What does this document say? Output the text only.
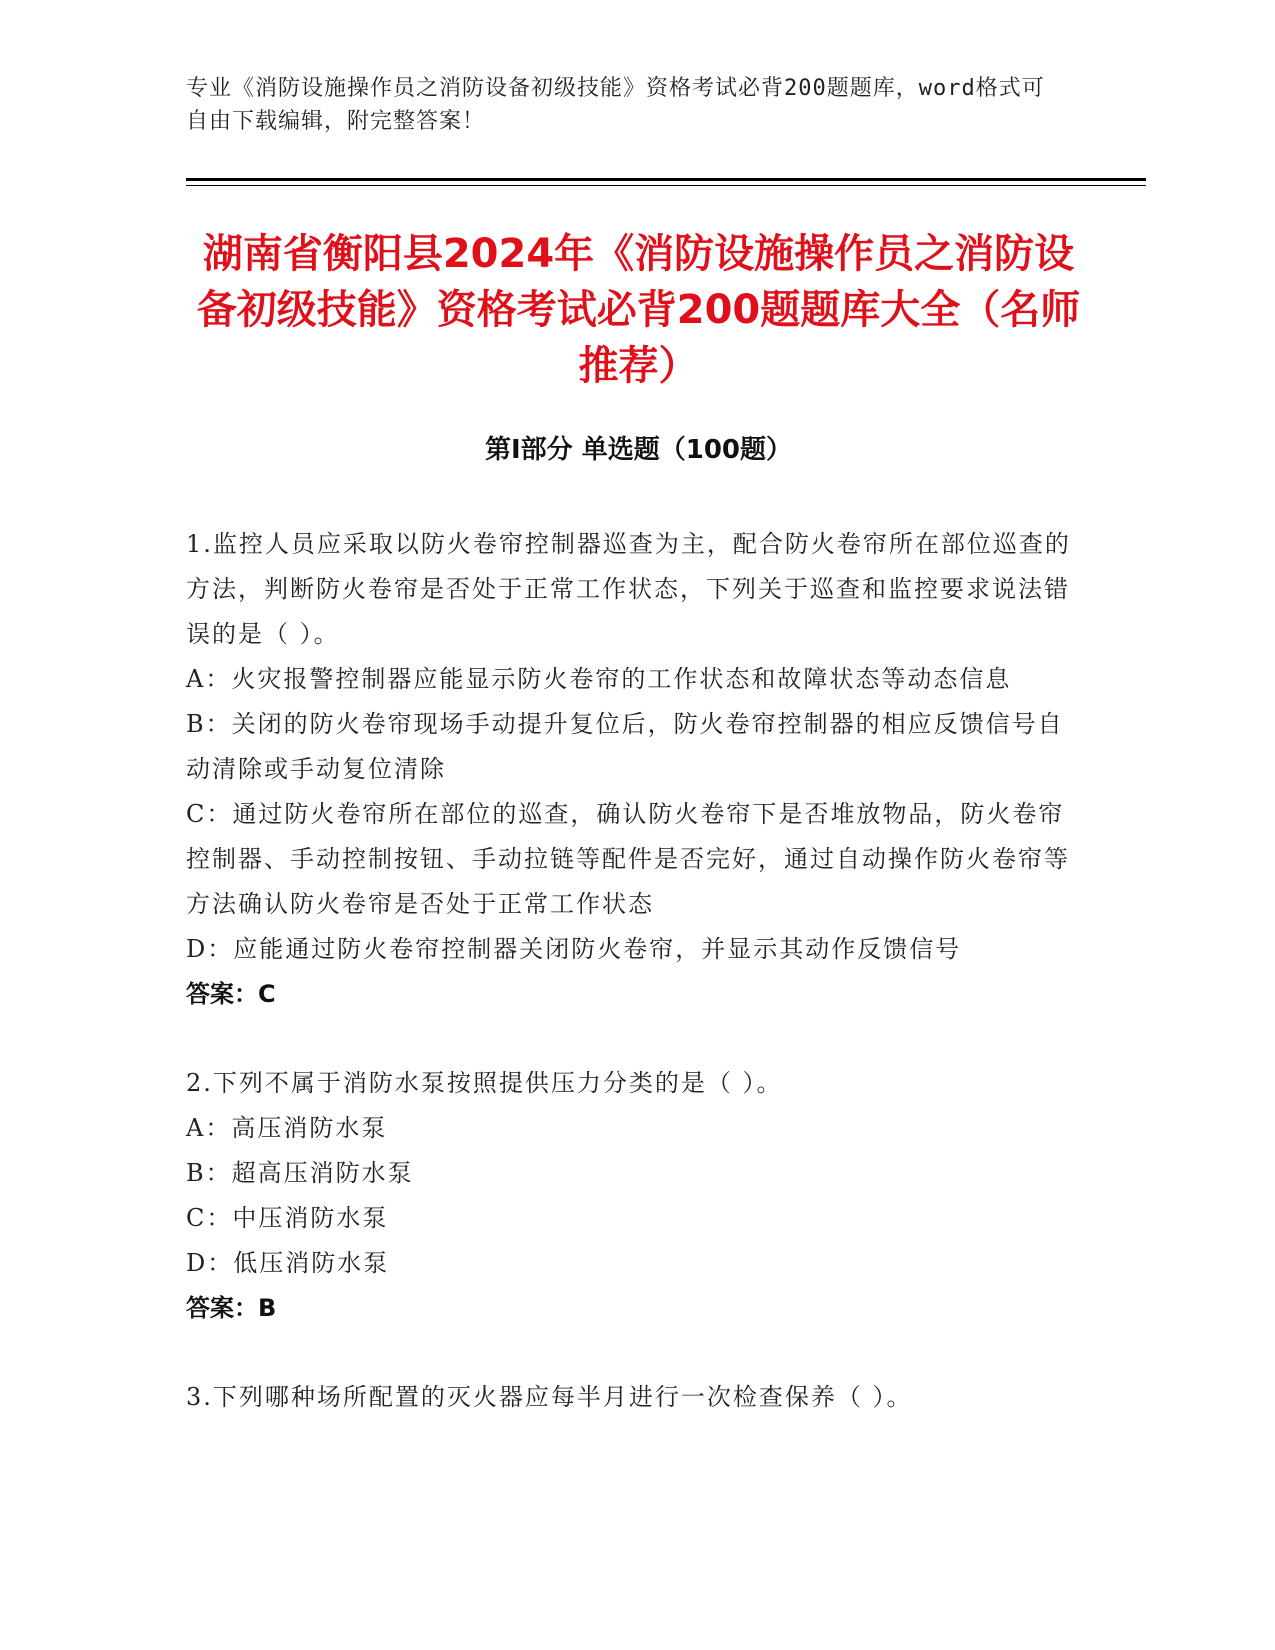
专业《消防设施操作员之消防设备初级技能》资格考试必背200题题库，word格式可自由下载编辑，附完整答案！
湖南省衡阳县2024年《消防设施操作员之消防设备初级技能》资格考试必背200题题库大全（名师推荐）
第I部分 单选题（100题）

1.监控人员应采取以防火卷帘控制器巡查为主，配合防火卷帘所在部位巡查的方法，判断防火卷帘是否处于正常工作状态，下列关于巡查和监控要求说法错误的是（ ）。

A：火灾报警控制器应能显示防火卷帘的工作状态和故障状态等动态信息

B：关闭的防火卷帘现场手动提升复位后，防火卷帘控制器的相应反馈信号自动清除或手动复位清除

C：通过防火卷帘所在部位的巡查，确认防火卷帘下是否堆放物品，防火卷帘控制器、手动控制按钮、手动拉链等配件是否完好，通过自动操作防火卷帘等方法确认防火卷帘是否处于正常工作状态

D：应能通过防火卷帘控制器关闭防火卷帘，并显示其动作反馈信号

答案：C

2.下列不属于消防水泵按照提供压力分类的是（ ）。

A：高压消防水泵

B：超高压消防水泵

C：中压消防水泵

D：低压消防水泵

答案：B

3.下列哪种场所配置的灭火器应每半月进行一次检查保养（ ）。
